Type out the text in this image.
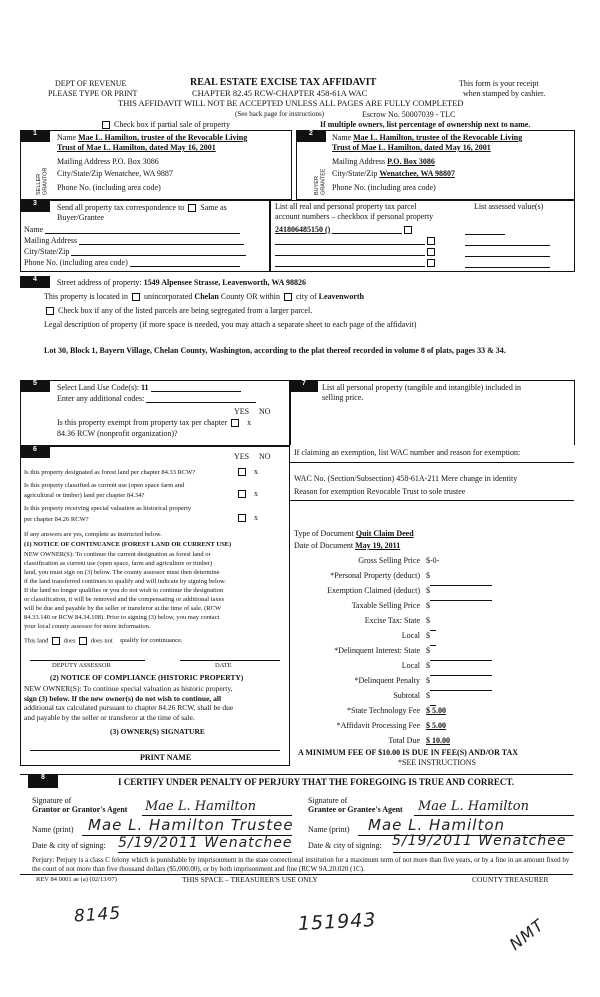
DEPT OF REVENUE
PLEASE TYPE OR PRINT
REAL ESTATE EXCISE TAX AFFIDAVIT
CHAPTER 82.45 RCW-CHAPTER 458-61A WAC
This form is your receipt
when stamped by cashier.
THIS AFFIDAVIT WILL NOT BE ACCEPTED UNLESS ALL PAGES ARE FULLY COMPLETED
(See back page for instructions)	Escrow No. 50007039 - TLC
Check box if partial sale of property	If multiple owners, list percentage of ownership next to name.
1	2
SELLER GRANTOR	BUYER GRANTEE
Name Mae L. Hamilton, trustee of the Revocable Living
Trust of Mae L. Hamilton, dated May 16, 2001
Mailing Address P.O. Box 3086
City/State/Zip Wenatchee, WA 9887
Phone No. (including area code)
Name Mae L. Hamilton, trustee of the Revocable Living
Trust of Mae L. Hamilton, dated May 16, 2001
Mailing Address P.O. Box 3086
City/State/Zip Wenatchee, WA 98807
Phone No. (including area code)
3	Send all property tax correspondence to Same as
Buyer/Grantee
Name
Mailing Address
City/State/Zip
Phone No. (including area code)
List all real and personal property tax parcel
account numbers – checkbox if personal property
List assessed value(s)
241806485150 ()
4	Street address of property: 1549 Alpensee Strasse, Leavenworth, WA 98826
This property is located in unincorporated Chelan County OR within city of Leavenworth
Check box if any of the listed parcels are being segregated from a larger parcel.
Legal description of property (if more space is needed, you may attach a separate sheet to each page of the affidavit)
Lot 30, Block 1, Bayern Village, Chelan County, Washington, according to the plat thereof recorded in volume 8 of plats, pages 33 & 34.
5	Select Land Use Code(s): 11
Enter any additional codes:
YES NO
Is this property exempt from property tax per chapter	x
84.36 RCW (nonprofit organization)?
7	List all personal property (tangible and intangible) included in
selling price.
6
YES NO
Is this property designated as forest land per chapter 84.33 RCW?	x
Is this property classified as current use (open space farm and
agricultural or timber) land per chapter 84.34?	x
Is this property receiving special valuation as historical property
per chapter 84.26 RCW?	x
If any answers are yes, complete as instructed below.
(1) NOTICE OF CONTINUANCE (FOREST LAND OR CURRENT USE)
NEW OWNER(S): To continue the current designation as forest land or
classification as current use (open space, farm and agriculture or timber)
land, you must sign on (3) below. The county assessor must then determine
if the land transferred continues to qualify and will indicate by signing below.
If the land no longer qualifies or you do not wish to continue the designation
or classification, it will be removed and the compensating or additional taxes
will be due and payable by the seller or transferor at the time of sale. (RCW
84.33.140 or RCW 84.34.108). Prior to signing (3) below, you may contact
your local county assessor for more information.
This land does does not qualify for continuance.
DEPUTY ASSESSOR	DATE
(2) NOTICE OF COMPLIANCE (HISTORIC PROPERTY)
NEW OWNER(S): To continue special valuation as historic property,
sign (3) below. If the new owner(s) do not wish to continue, all
additional tax calculated pursuant to chapter 84.26 RCW, shall be due
and payable by the seller or transferor at the time of sale.
(3) OWNER(S) SIGNATURE
PRINT NAME
If claiming an exemption, list WAC number and reason for exemption:
WAC No. (Section/Subsection) 458-61A-211 Mere change in identity
Reason for exemption Revocable Trust to sole trustee
Type of Document Quit Claim Deed
Date of Document May 19, 2011
Gross Selling Price $-0-
*Personal Property (deduct) $
Exemption Claimed (deduct) $
Taxable Selling Price $
Excise Tax: State $
Local $
*Delinquent Interest: State $
Local $
*Delinquent Penalty $
Subtotal $
*State Technology Fee $ 5.00
*Affidavit Processing Fee $ 5.00
Total Due $ 10.00
A MINIMUM FEE OF $10.00 IS DUE IN FEE(S) AND/OR TAX
*SEE INSTRUCTIONS
8	I CERTIFY UNDER PENALTY OF PERJURY THAT THE FOREGOING IS TRUE AND CORRECT.
Signature of
Grantor or Grantor's Agent Mae L. Hamilton	Signature of
Grantee or Grantee's Agent Mae L. Hamilton
Name (print) Mae L. Hamilton Trustee Name (print) Mae L. Hamilton
Date & city of signing: 5/19/2011 Wenatchee Date & city of signing: 5/19/2011 Wenatchee
Perjury: Perjury is a class C felony which is punishable by imprisonment in the state correctional institution for a maximum term of not more than five years, or by a fine in an amount fixed by the court of not more than five thousand dollars ($5,000.00), or by both imprisonment and fine (RCW 9A.20.020 (1C).
REV 84 0001 ae (a) (02/13/07)	THIS SPACE – TREASURER'S USE ONLY	COUNTY TREASURER
8145	151943	NMT
